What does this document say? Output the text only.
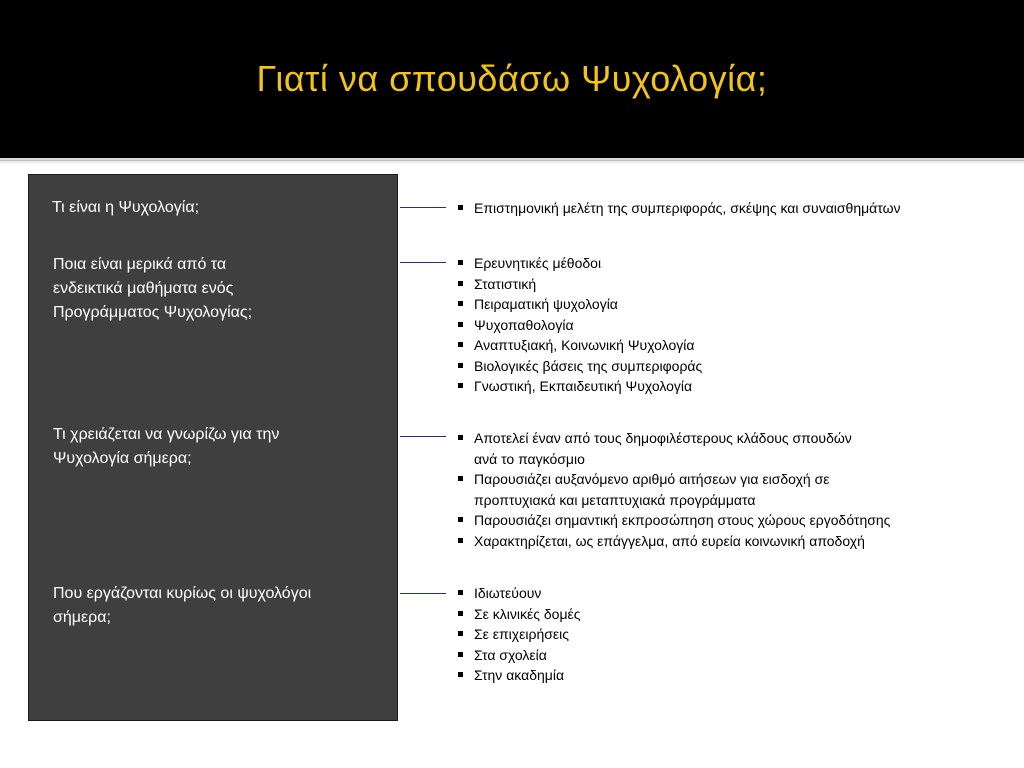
Γιατί να σπουδάσω Ψυχολογία;
Τι είναι η Ψυχολογία;	Επιστημονική μελέτη της συμπεριφοράς, σκέψης και συναισθημάτων
Ποια είναι μερικά από τα
ενδεικτικά μαθήματα ενός
Προγράμματος Ψυχολογίας;
Ερευνητικές μέθοδοι
Στατιστική
Πειραματική ψυχολογία
Ψυχοπαθολογία
Αναπτυξιακή, Κοινωνική Ψυχολογία
Βιολογικές βάσεις της συμπεριφοράς
Γνωστική, Εκπαιδευτική Ψυχολογία
Τι χρειάζεται να γνωρίζω για την
Ψυχολογία σήμερα;
Αποτελεί έναν από τους δημοφιλέστερους κλάδους σπουδών
ανά το παγκόσμιο
Παρουσιάζει αυξανόμενο αριθμό αιτήσεων για εισδοχή σε
προπτυχιακά και μεταπτυχιακά προγράμματα
Παρουσιάζει σημαντική εκπροσώπηση στους χώρους εργοδότησης
Χαρακτηρίζεται, ως επάγγελμα, από ευρεία κοινωνική αποδοχή
Που εργάζονται κυρίως οι ψυχολόγοι
σήμερα;
Ιδιωτεύουν
Σε κλινικές δομές
Σε επιχειρήσεις
Στα σχολεία
Στην ακαδημία
